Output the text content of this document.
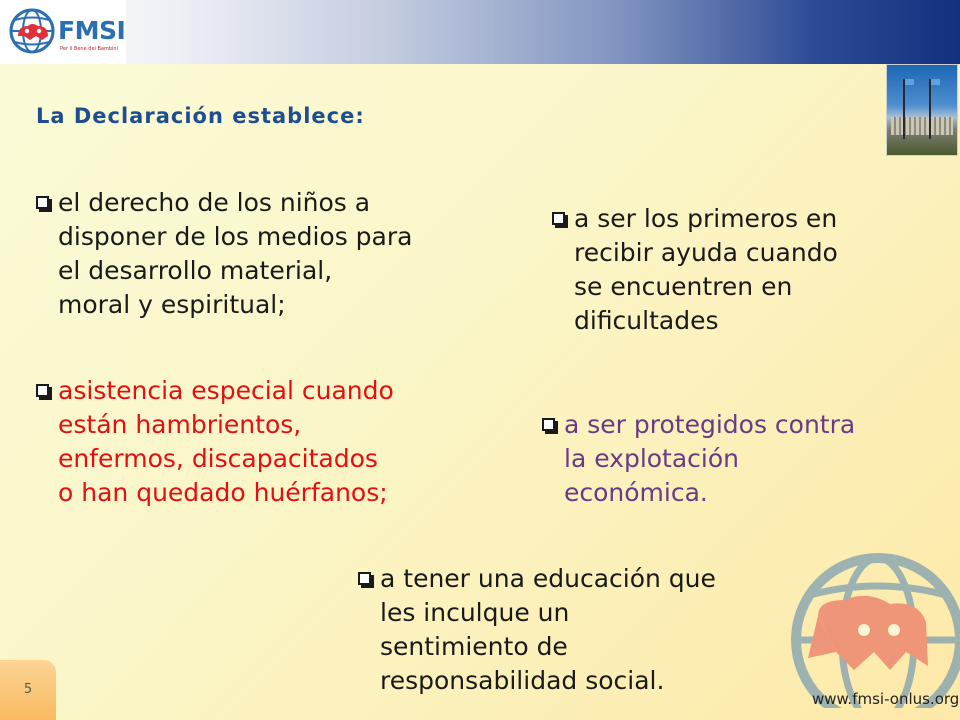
FMSI
Per il Bene dei Bambini
La Declaración establece:
el derecho de los niños a
disponer de los medios para
el desarrollo material,
moral y espiritual;
a ser los primeros en
recibir ayuda cuando
se encuentren en
dificultades
asistencia especial cuando
están hambrientos,
enfermos, discapacitados
o han quedado huérfanos;
a ser protegidos contra
la explotación
económica.
a tener una educación que
les inculque un
sentimiento de
responsabilidad social.
5
www.fmsi-onlus.org
